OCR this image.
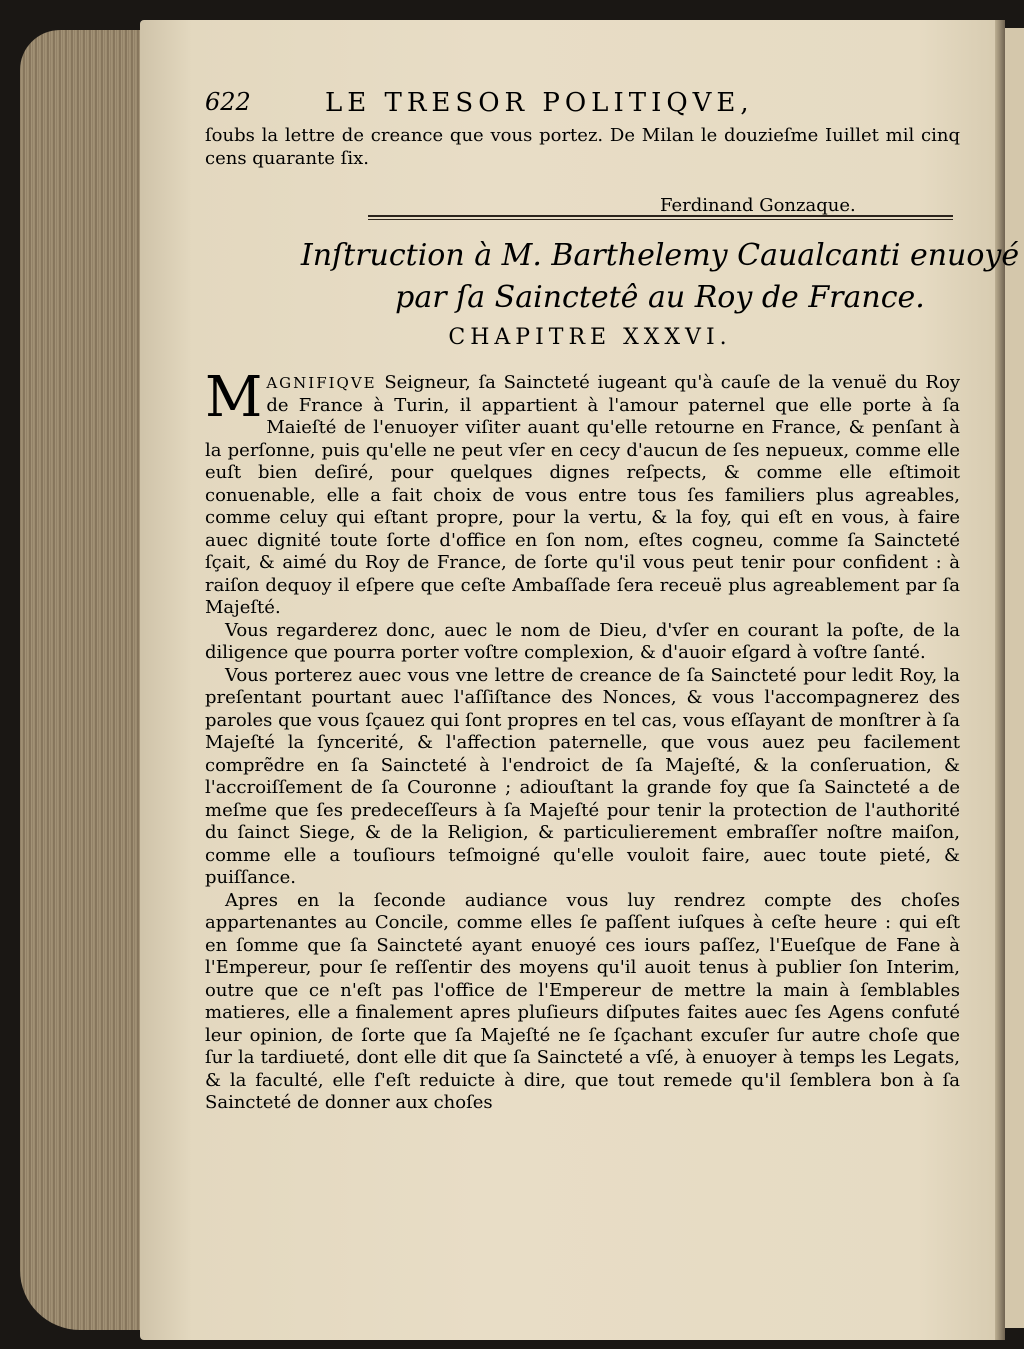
622	LE TRESOR POLITIQVE,
ſoubs la lettre de creance que vous portez. De Milan le douzieſme Iuillet mil cinq cens quarante ſix.
Ferdinand Gonzaque.
Inſtruction à M. Barthelemy Caualcanti enuoyé par ſa Sainctetê au Roy de France.
CHAPITRE XXXVI.

M AGNIFIQVE Seigneur, ſa Saincteté iugeant qu'à cauſe de la venuë du Roy de France à Turin, il appartient à l'amour paternel que elle porte à ſa Maieſté de l'enuoyer viſiter auant qu'elle retourne en France, & penſant à la perſonne, puis qu'elle ne peut vſer en cecy d'aucun de ſes nepueux, comme elle euſt bien deſiré, pour quelques dignes reſpects, & comme elle eſtimoit conuenable, elle a fait choix de vous entre tous ſes familiers plus agreables, comme celuy qui eſtant propre, pour la vertu, & la foy, qui eſt en vous, à faire auec dignité toute ſorte d'office en ſon nom, eſtes cogneu, comme ſa Saincteté ſçait, & aimé du Roy de France, de ſorte qu'il vous peut tenir pour confident : à raiſon dequoy il eſpere que ceſte Ambaſſade ſera receuë plus agreablement par ſa Majeſté.

Vous regarderez donc, auec le nom de Dieu, d'vſer en courant la poſte, de la diligence que pourra porter voſtre complexion, & d'auoir eſgard à voſtre ſanté.

Vous porterez auec vous vne lettre de creance de ſa Saincteté pour ledit Roy, la preſentant pourtant auec l'aſſiſtance des Nonces, & vous l'accompagnerez des paroles que vous ſçauez qui ſont propres en tel cas, vous eſſayant de monſtrer à ſa Majeſté la ſyncerité, & l'affection paternelle, que vous auez peu facilement comprẽdre en ſa Saincteté à l'endroict de ſa Majeſté, & la conſeruation, & l'accroiſſement de ſa Couronne ; adiouſtant la grande foy que ſa Saincteté a de meſme que ſes predeceſſeurs à ſa Majeſté pour tenir la protection de l'authorité du ſainct Siege, & de la Religion, & particulierement embraſſer noſtre maiſon, comme elle a touſiours teſmoigné qu'elle vouloit faire, auec toute pieté, & puiſſance.

Apres en la ſeconde audiance vous luy rendrez compte des choſes appartenantes au Concile, comme elles ſe paſſent iuſques à ceſte heure : qui eſt en ſomme que ſa Saincteté ayant enuoyé ces iours paſſez, l'Eueſque de Fane à l'Empereur, pour ſe reſſentir des moyens qu'il auoit tenus à publier ſon Interim, outre que ce n'eſt pas l'office de l'Empereur de mettre la main à ſemblables matieres, elle a finalement apres pluſieurs diſputes faites auec ſes Agens confuté leur opinion, de ſorte que ſa Majeſté ne ſe ſçachant excuſer ſur autre choſe que ſur la tardiueté, dont elle dit que ſa Saincteté a vſé, à enuoyer à temps les Legats, & la faculté, elle ſ'eſt reduicte à dire, que tout remede qu'il ſemblera bon à ſa Saincteté de donner aux choſes
